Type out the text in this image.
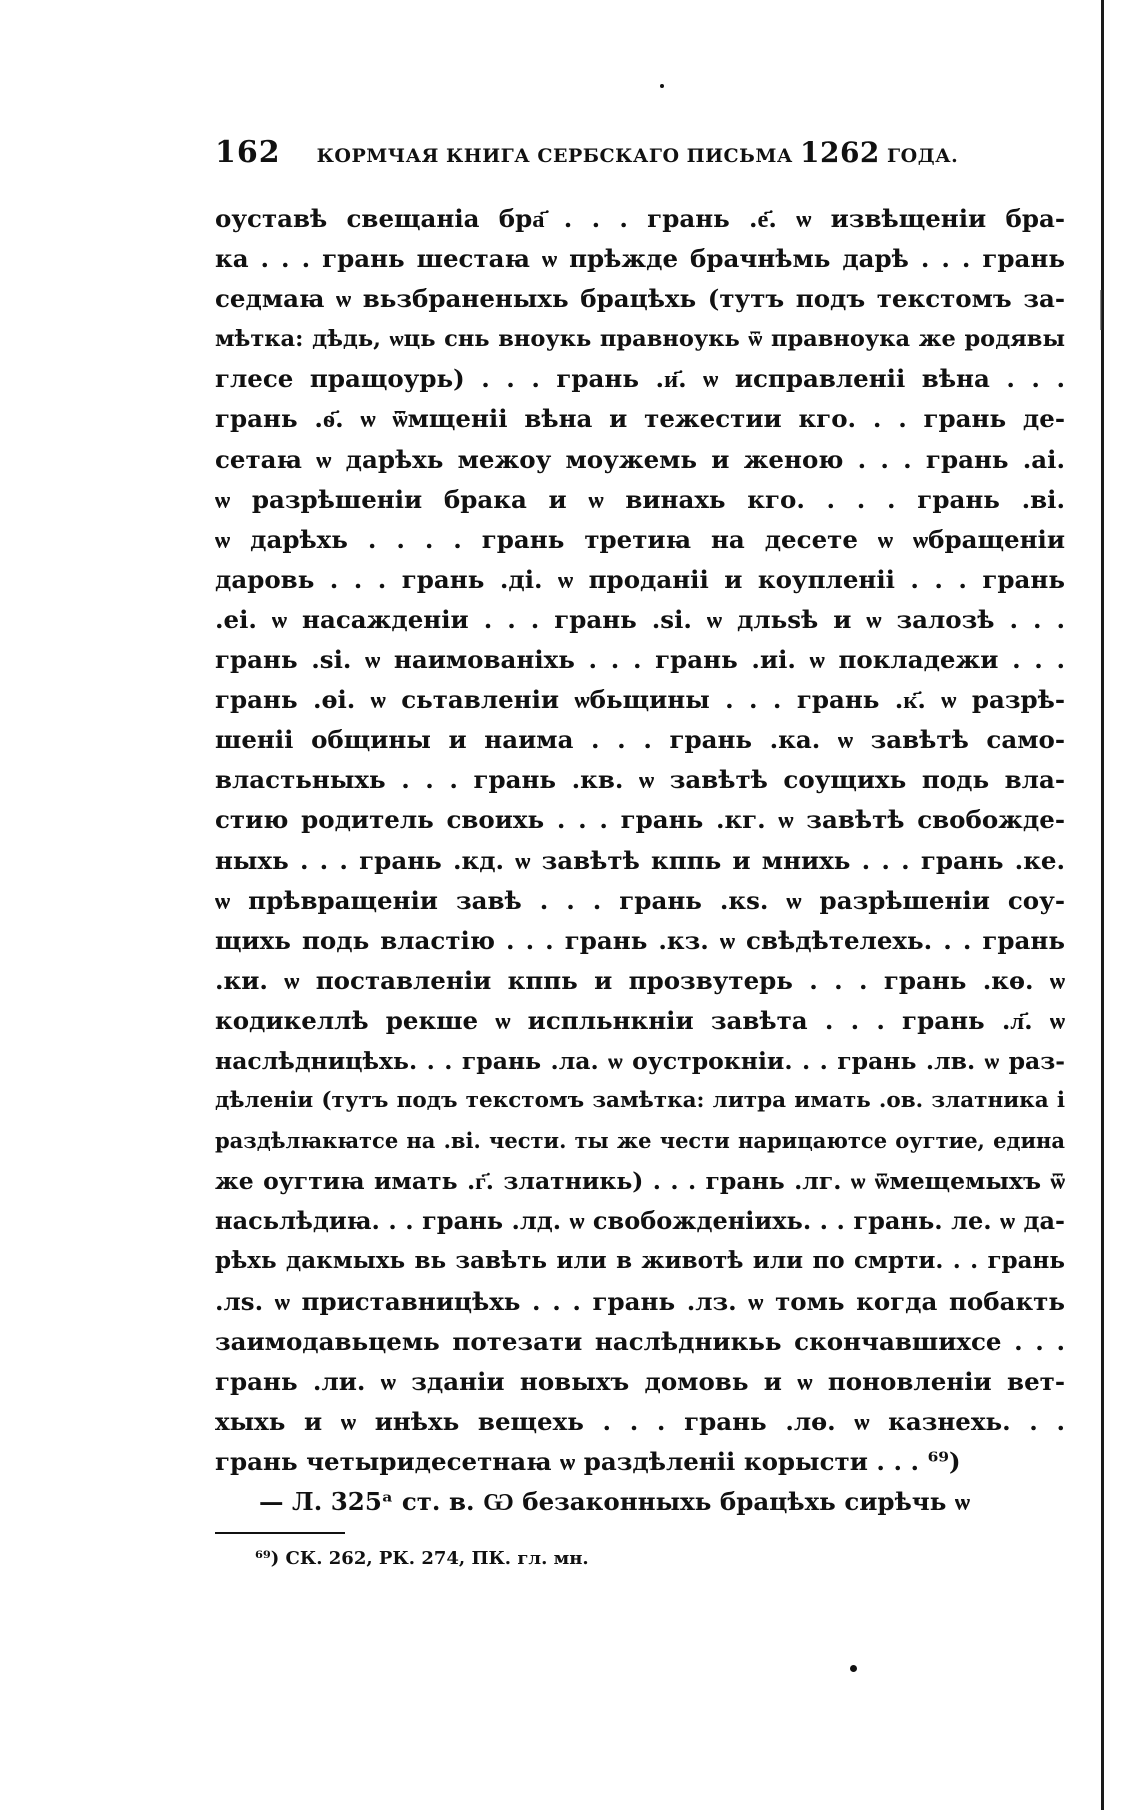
162 КОРМЧАЯ КНИГА СЕРБСКАГО ПИСЬМА 1262 ГОДА.
оуставѣ свещаніа бра҃ . . . грань .е҃. ѡ извѣщеніи бра-
ка . . . грань шестаꙗ ѡ прѣжде брачнѣмь дарѣ . . . грань
седмаꙗ ѡ вьзбраненыхь брацѣхь (тутъ подъ текстомъ за-
мѣтка: дѣдь, ѡць снь вноукь правноукь ѿ правноука же родявы
глесе пращоурь) . . . грань .и҃. ѡ исправленіі вѣна . . .
грань .ѳ҃. ѡ ѿмщеніі вѣна и тежестии кго. . . грань де-
сетаꙗ ѡ дарѣхь межоу моужемь и женою . . . грань .аі.
ѡ разрѣшеніи брака и ѡ винахь кго. . . . грань .ві.
ѡ дарѣхь . . . . грань третиꙗ на десете ѡ ѡбращеніи
даровь . . . грань .ді. ѡ проданіі и коупленіі . . . грань
.еі. ѡ насажденіи . . . грань .ѕі. ѡ дльѕѣ и ѡ залозѣ . . .
грань .ѕі. ѡ наимованіхь . . . грань .иі. ѡ покладежи . . .
грань .ѳі. ѡ сьтавленіи ѡбьщины . . . грань .к҃. ѡ разрѣ-
шеніі общины и наима . . . грань .ка. ѡ завѣтѣ само-
властьныхь . . . грань .кв. ѡ завѣтѣ соущихь подь вла-
стию родитель своихь . . . грань .кг. ѡ завѣтѣ свобожде-
ныхь . . . грань .кд. ѡ завѣтѣ кппь и мнихь . . . грань .ке.
ѡ прѣвращеніи завѣ . . . грань .кѕ. ѡ разрѣшеніи соу-
щихь подь властію . . . грань .кз. ѡ свѣдѣтелехь. . . грань
.ки. ѡ поставленіи кппь и прозвутерь . . . грань .кѳ. ѡ
кодикеллѣ рекше ѡ испльнкніи завѣта . . . грань .л҃. ѡ
наслѣдницѣхь. . . грань .ла. ѡ оустрокніи. . . грань .лв. ѡ раз-
дѣленіи (тутъ подъ текстомъ замѣтка: литра имать .ов. златника і
раздѣлꙗкꙗтсе на .ві. чести. ты же чести нарицаютсе оугтие, едина
же оугтиꙗ имать .г҃. златникь) . . . грань .лг. ѡ ѿмещемыхъ ѿ
насьлѣдиꙗ. . . грань .лд. ѡ свобожденіихь. . . грань. ле. ѡ да-
рѣхь дакмыхь вь завѣть или в животѣ или по смрти. . . грань
.лѕ. ѡ приставницѣхь . . . грань .лз. ѡ томь когда побакть
заимодавьцемь потезати наслѣдникьь скончавшихсе . . .
грань .ли. ѡ зданіи новыхъ домовь и ѡ поновленіи вет-
хыхь и ѡ инѣхь вещехь . . . грань .лѳ. ѡ казнехь. . .
грань четыридесетнаꙗ ѡ раздѣленіі корысти . . . ⁶⁹)
— Л. 325ᵃ ст. в. Ѡ безаконныхь брацѣхь сирѣчь ѡ
⁶⁹) СК. 262, РК. 274, ПК. гл. мн.
